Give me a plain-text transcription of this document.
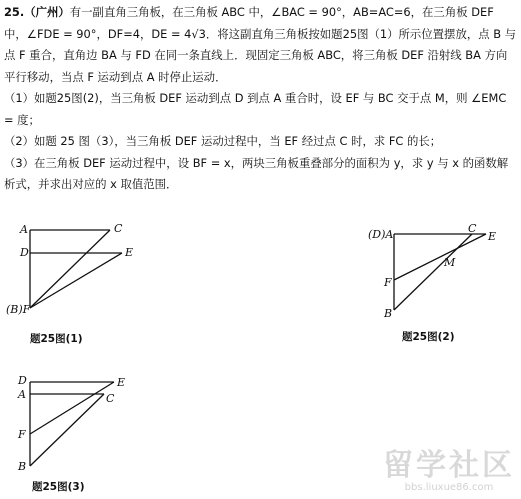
25.（广州）有一副直角三角板，在三角板 ABC 中，∠BAC = 90°，AB=AC=6，在三角板 DEF 中，∠FDE = 90°，DF=4，DE = 4√3．将这副直角三角板按如题25图（1）所示位置摆放，点 B 与点 F 重合，直角边 BA 与 FD 在同一条直线上．现固定三角板 ABC，将三角板 DEF 沿射线 BA 方向平行移动，当点 F 运动到点 A 时停止运动．

（1）如题25图(2)，当三角板 DEF 运动到点 D 到点 A 重合时，设 EF 与 BC 交于点 M，则 ∠EMC = 度；

（2）如题 25 图（3），当三角板 DEF 运动过程中，当 EF 经过点 C 时，求 FC 的长；

（3）在三角板 DEF 运动过程中，设 BF = x，两块三角板重叠部分的面积为 y，求 y 与 x 的函数解析式，并求出对应的 x 取值范围．

A	C
D	E
(B)F
题25图(1)
(D)A	C
E
M
F
B
题25图(2)
D
A
E
C
F
B
题25图(3)
留学社区
bbs.liuxue86.com
